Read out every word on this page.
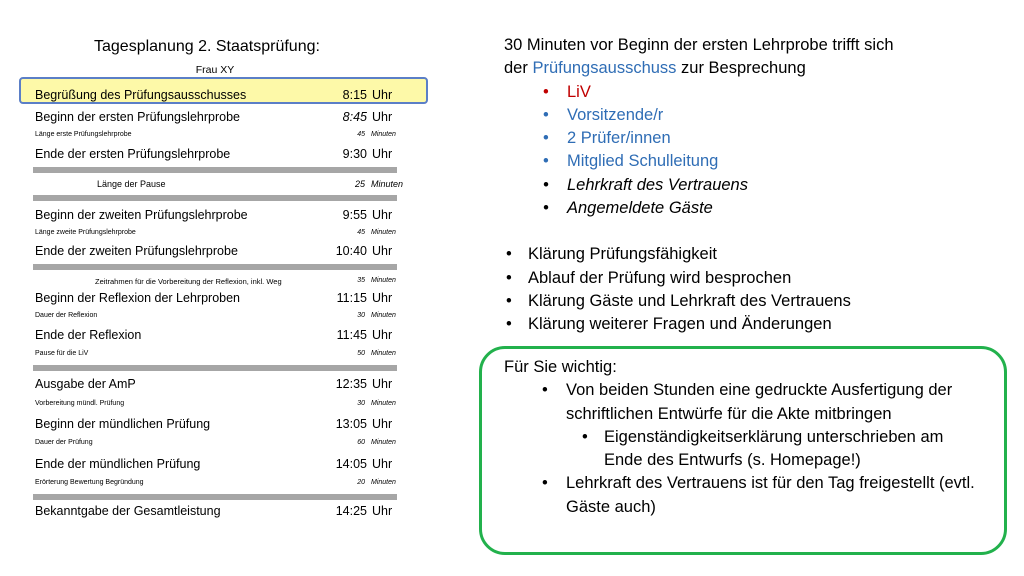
Tagesplanung 2. Staatsprüfung:
Frau XY
Begrüßung des Prüfungsausschusses	8:15 Uhr
Beginn der ersten Prüfungslehrprobe	8:45 Uhr
Länge erste Prüfungslehrprobe	45 Minuten
Ende der ersten Prüfungslehrprobe	9:30 Uhr
Länge der Pause	25 Minuten
Beginn der zweiten Prüfungslehrprobe	9:55 Uhr
Länge zweite Prüfungslehrprobe	45 Minuten
Ende der zweiten Prüfungslehrprobe	10:40 Uhr
Zeitrahmen für die Vorbereitung der Reflexion, inkl. Weg	35 Minuten
Beginn der Reflexion der Lehrproben	11:15 Uhr
Dauer der Reflexion	30 Minuten
Ende der Reflexion	11:45 Uhr
Pause für die LiV	50 Minuten
Ausgabe der AmP	12:35 Uhr
Vorbereitung mündl. Prüfung	30 Minuten
Beginn der mündlichen Prüfung	13:05 Uhr
Dauer der Prüfung	60 Minuten
Ende der mündlichen Prüfung	14:05 Uhr
Erörterung Bewertung Begründung	20 Minuten
Bekanntgabe der Gesamtleistung	14:25 Uhr

30 Minuten vor Beginn der ersten Lehrprobe trifft sich

der Prüfungsausschuss zur Besprechung

• LiV
• Vorsitzende/r
• 2 Prüfer/innen
• Mitglied Schulleitung
• Lehrkraft des Vertrauens
• Angemeldete Gäste
• Klärung Prüfungsfähigkeit
• Ablauf der Prüfung wird besprochen
• Klärung Gäste und Lehrkraft des Vertrauens
• Klärung weiterer Fragen und Änderungen

Für Sie wichtig:

• Von beiden Stunden eine gedruckte Ausfertigung der schriftlichen Entwürfe für die Akte mitbringen
• Eigenständigkeitserklärung unterschrieben am Ende des Entwurfs (s. Homepage!)
• Lehrkraft des Vertrauens ist für den Tag freigestellt (evtl. Gäste auch)
